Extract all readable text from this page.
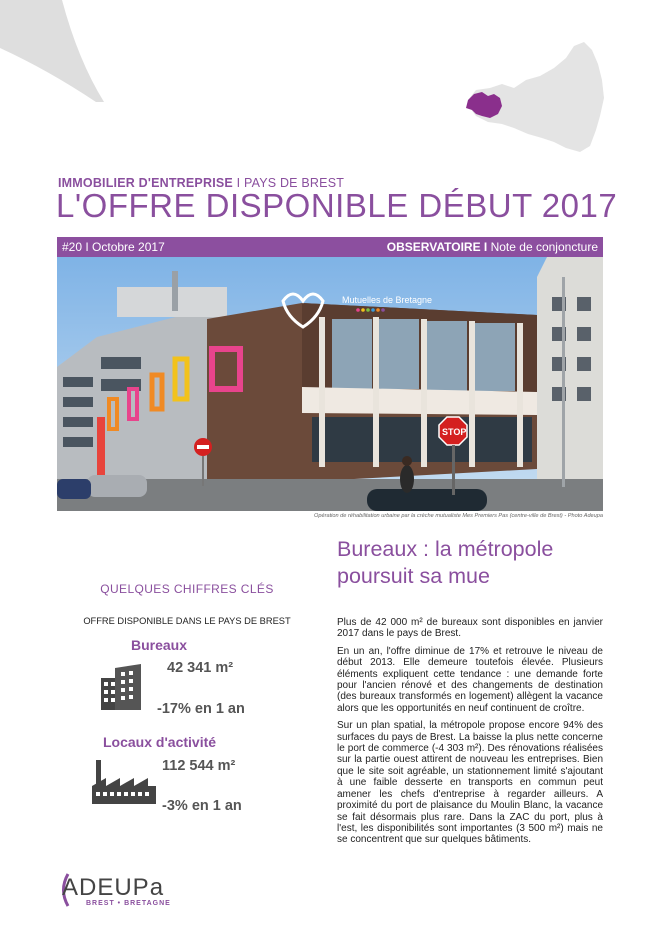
IMMOBILIER D'ENTREPRISE I PAYS DE BREST
L'OFFRE DISPONIBLE DÉBUT 2017
#20 I Octobre 2017	OBSERVATOIRE I Note de conjoncture
Mutuelles de Bretagne
STOP
Opération de réhabilitation urbaine par la crèche mutualiste Mes Premiers Pas (centre-ville de Brest) - Photo Adeupa
Bureaux : la métropole
poursuit sa mue
QUELQUES CHIFFRES CLÉS
OFFRE DISPONIBLE DANS LE PAYS DE BREST
Bureaux
42 341 m²
-17% en 1 an
Locaux d'activité
112 544 m²
-3% en 1 an

Plus de 42 000 m² de bureaux sont disponibles en janvier 2017 dans le pays de Brest.

En un an, l'offre diminue de 17% et retrouve le niveau de début 2013. Elle demeure toutefois élevée. Plusieurs éléments expliquent cette tendance : une demande forte pour l'ancien rénové et des changements de destination (des bureaux transformés en logement) allègent la vacance alors que les opportunités en neuf continuent de croître.

Sur un plan spatial, la métropole propose encore 94% des surfaces du pays de Brest. La baisse la plus nette concerne le port de commerce (-4 303 m²). Des rénovations réalisées sur la partie ouest attirent de nouveau les entreprises. Bien que le site soit agréable, un stationnement limité s'ajoutant à une faible desserte en transports en commun peut amener les chefs d'entreprise à regarder ailleurs. A proximité du port de plaisance du Moulin Blanc, la vacance se fait désormais plus rare. Dans la ZAC du port, plus à l'est, les disponibilités sont importantes (3 500 m²) mais ne se concentrent que sur quelques bâtiments.

ADEUPa
BREST • BRETAGNE
